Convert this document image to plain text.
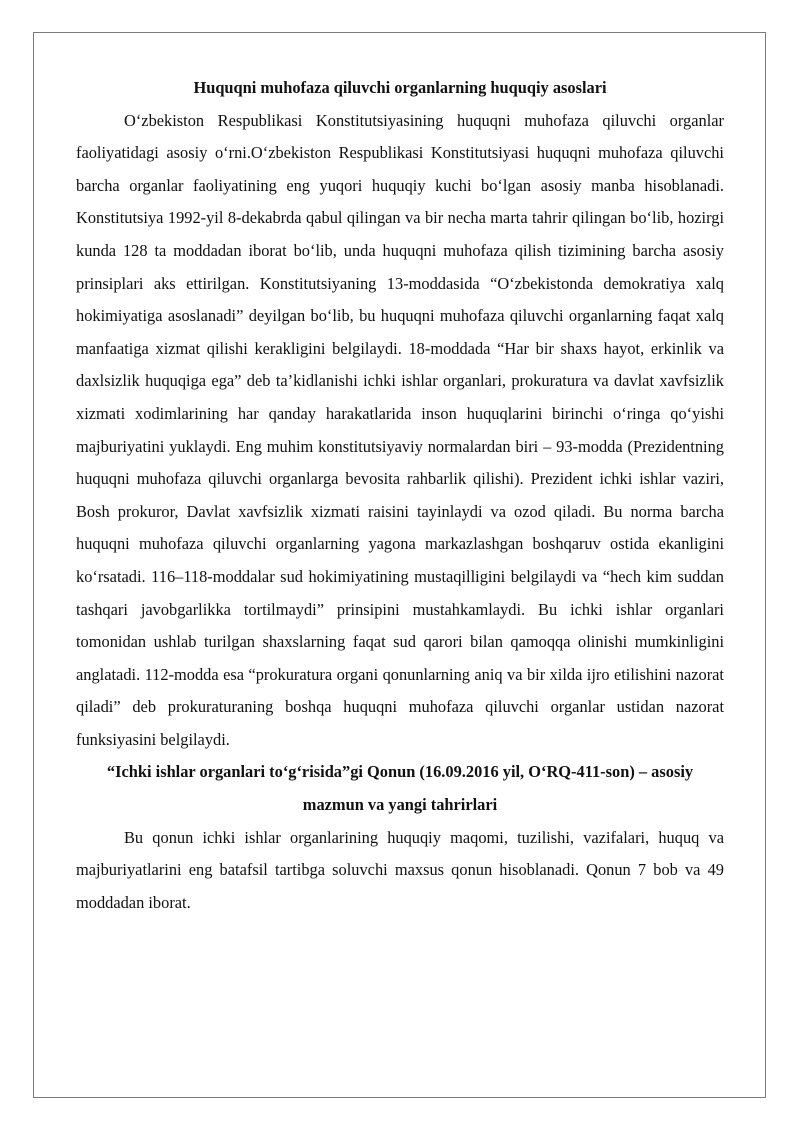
Huquqni muhofaza qiluvchi organlarning huquqiy asoslari

O‘zbekiston Respublikasi Konstitutsiyasining huquqni muhofaza qiluvchi organlar faoliyatidagi asosiy o‘rni.O‘zbekiston Respublikasi Konstitutsiyasi huquqni muhofaza qiluvchi barcha organlar faoliyatining eng yuqori huquqiy kuchi bo‘lgan asosiy manba hisoblanadi. Konstitutsiya 1992-yil 8-dekabrda qabul qilingan va bir necha marta tahrir qilingan bo‘lib, hozirgi kunda 128 ta moddadan iborat bo‘lib, unda huquqni muhofaza qilish tizimining barcha asosiy prinsiplari aks ettirilgan. Konstitutsiyaning 13-moddasida “O‘zbekistonda demokratiya xalq hokimiyatiga asoslanadi” deyilgan bo‘lib, bu huquqni muhofaza qiluvchi organlarning faqat xalq manfaatiga xizmat qilishi kerakligini belgilaydi. 18-moddada “Har bir shaxs hayot, erkinlik va daxlsizlik huquqiga ega” deb ta’kidlanishi ichki ishlar organlari, prokuratura va davlat xavfsizlik xizmati xodimlarining har qanday harakatlarida inson huquqlarini birinchi o‘ringa qo‘yishi majburiyatini yuklaydi. Eng muhim konstitutsiyaviy normalardan biri – 93-modda (Prezidentning huquqni muhofaza qiluvchi organlarga bevosita rahbarlik qilishi). Prezident ichki ishlar vaziri, Bosh prokuror, Davlat xavfsizlik xizmati raisini tayinlaydi va ozod qiladi. Bu norma barcha huquqni muhofaza qiluvchi organlarning yagona markazlashgan boshqaruv ostida ekanligini ko‘rsatadi. 116–118-moddalar sud hokimiyatining mustaqilligini belgilaydi va “hech kim suddan tashqari javobgarlikka tortilmaydi” prinsipini mustahkamlaydi. Bu ichki ishlar organlari tomonidan ushlab turilgan shaxslarning faqat sud qarori bilan qamoqqa olinishi mumkinligini anglatadi. 112-modda esa “prokuratura organi qonunlarning aniq va bir xilda ijro etilishini nazorat qiladi” deb prokuraturaning boshqa huquqni muhofaza qiluvchi organlar ustidan nazorat funksiyasini belgilaydi.

“Ichki ishlar organlari to‘g‘risida”gi Qonun (16.09.2016 yil, O‘RQ-411-son) – asosiy mazmun va yangi tahrirlari

Bu qonun ichki ishlar organlarining huquqiy maqomi, tuzilishi, vazifalari, huquq va majburiyatlarini eng batafsil tartibga soluvchi maxsus qonun hisoblanadi. Qonun 7 bob va 49 moddadan iborat.
